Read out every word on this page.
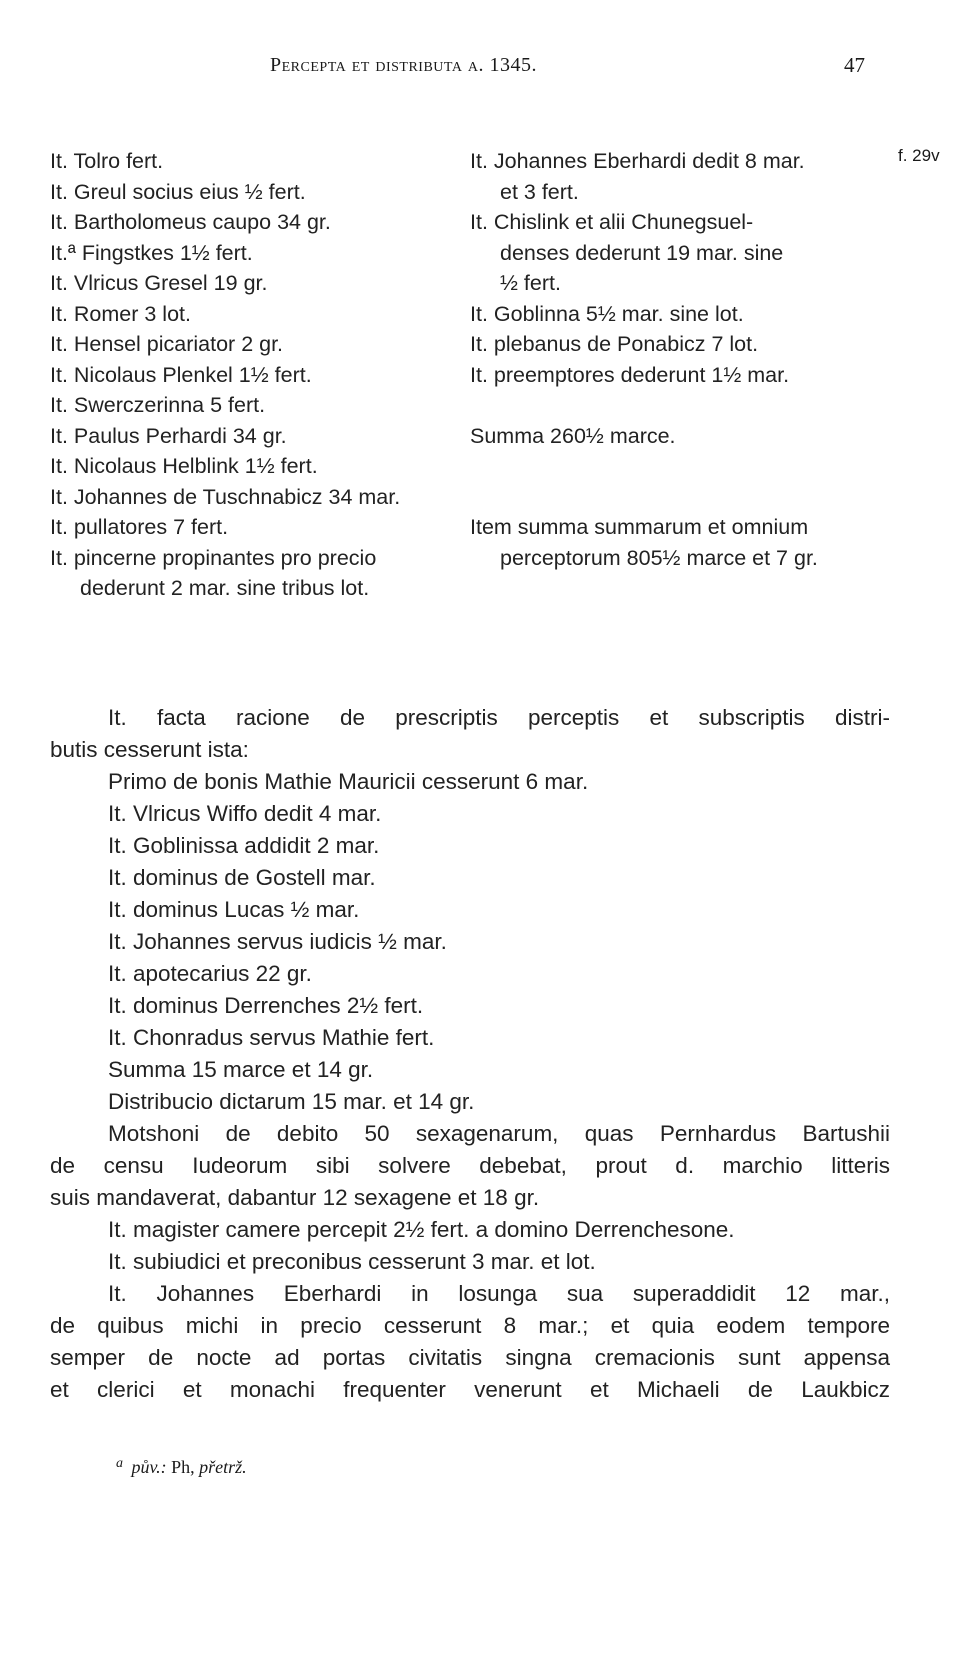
Percepta et distributa a. 1345.	47
It. Tolro fert.
It. Greul socius eius ½ fert.
It. Bartholomeus caupo 34 gr.
It.ª Fingstkes 1½ fert.
It. Vlricus Gresel 19 gr.
It. Romer 3 lot.
It. Hensel picariator 2 gr.
It. Nicolaus Plenkel 1½ fert.
It. Swerczerinna 5 fert.
It. Paulus Perhardi 34 gr.
It. Nicolaus Helblink 1½ fert.
It. Johannes de Tuschnabicz 34 mar.
It. pullatores 7 fert.
It. pincerne propinantes pro precio
dederunt 2 mar. sine tribus lot.
It. Johannes Eberhardi dedit 8 mar.
et 3 fert.
It. Chislink et alii Chunegsuel-
denses dederunt 19 mar. sine
½ fert.
It. Goblinna 5½ mar. sine lot.
It. plebanus de Ponabicz 7 lot.
It. preemptores dederunt 1½ mar.
Summa 260½ marce.
Item summa summarum et omnium
perceptorum 805½ marce et 7 gr.
f. 29v
It. facta racione de prescriptis perceptis et subscriptis distri-
butis cesserunt ista:
Primo de bonis Mathie Mauricii cesserunt 6 mar.
It. Vlricus Wiffo dedit 4 mar.
It. Goblinissa addidit 2 mar.
It. dominus de Gostell mar.
It. dominus Lucas ½ mar.
It. Johannes servus iudicis ½ mar.
It. apotecarius 22 gr.
It. dominus Derrenches 2½ fert.
It. Chonradus servus Mathie fert.
Summa 15 marce et 14 gr.
Distribucio dictarum 15 mar. et 14 gr.
Motshoni de debito 50 sexagenarum, quas Pernhardus Bartushii
de censu Iudeorum sibi solvere debebat, prout d. marchio litteris
suis mandaverat, dabantur 12 sexagene et 18 gr.
It. magister camere percepit 2½ fert. a domino Derrenchesone.
It. subiudici et preconibus cesserunt 3 mar. et lot.
It. Johannes Eberhardi in losunga sua superaddidit 12 mar.,
de quibus michi in precio cesserunt 8 mar.; et quia eodem tempore
semper de nocte ad portas civitatis singna cremacionis sunt appensa
et clerici et monachi frequenter venerunt et Michaeli de Laukbicz
$^a$ pův.: Ph, přetrž.
